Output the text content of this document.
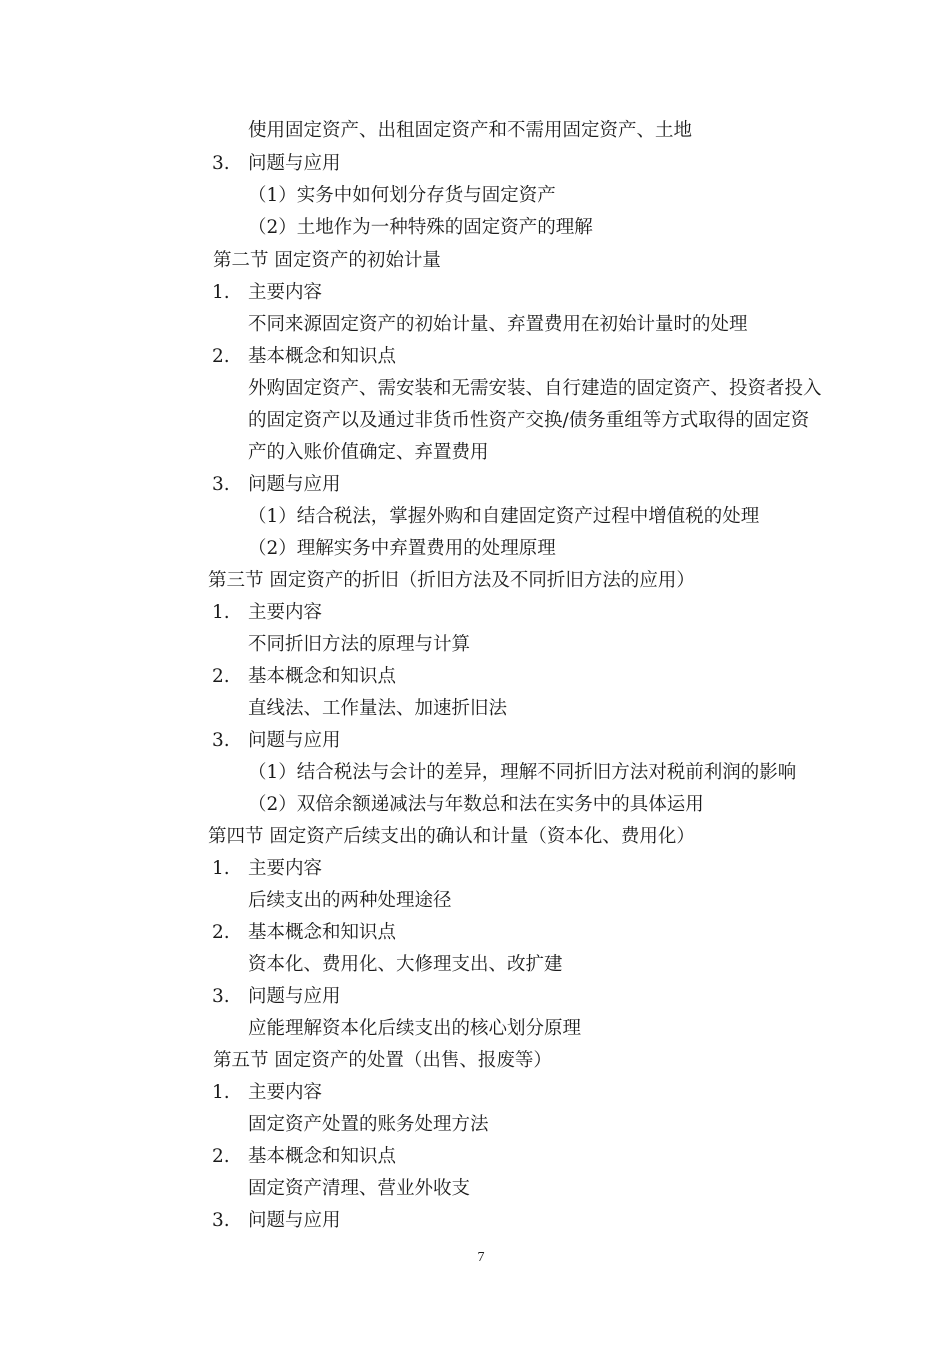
使用固定资产、出租固定资产和不需用固定资产、土地
3. 问题与应用
（1）实务中如何划分存货与固定资产
（2）土地作为一种特殊的固定资产的理解
第二节 固定资产的初始计量
1. 主要内容
不同来源固定资产的初始计量、弃置费用在初始计量时的处理
2. 基本概念和知识点
外购固定资产、需安装和无需安装、自行建造的固定资产、投资者投入
的固定资产以及通过非货币性资产交换/债务重组等方式取得的固定资
产的入账价值确定、弃置费用
3. 问题与应用
（1）结合税法，掌握外购和自建固定资产过程中增值税的处理
（2）理解实务中弃置费用的处理原理
第三节 固定资产的折旧（折旧方法及不同折旧方法的应用）
1. 主要内容
不同折旧方法的原理与计算
2. 基本概念和知识点
直线法、工作量法、加速折旧法
3. 问题与应用
（1）结合税法与会计的差异，理解不同折旧方法对税前利润的影响
（2）双倍余额递减法与年数总和法在实务中的具体运用
第四节 固定资产后续支出的确认和计量（资本化、费用化）
1. 主要内容
后续支出的两种处理途径
2. 基本概念和知识点
资本化、费用化、大修理支出、改扩建
3. 问题与应用
应能理解资本化后续支出的核心划分原理
第五节 固定资产的处置（出售、报废等）
1. 主要内容
固定资产处置的账务处理方法
2. 基本概念和知识点
固定资产清理、营业外收支
3. 问题与应用
7
